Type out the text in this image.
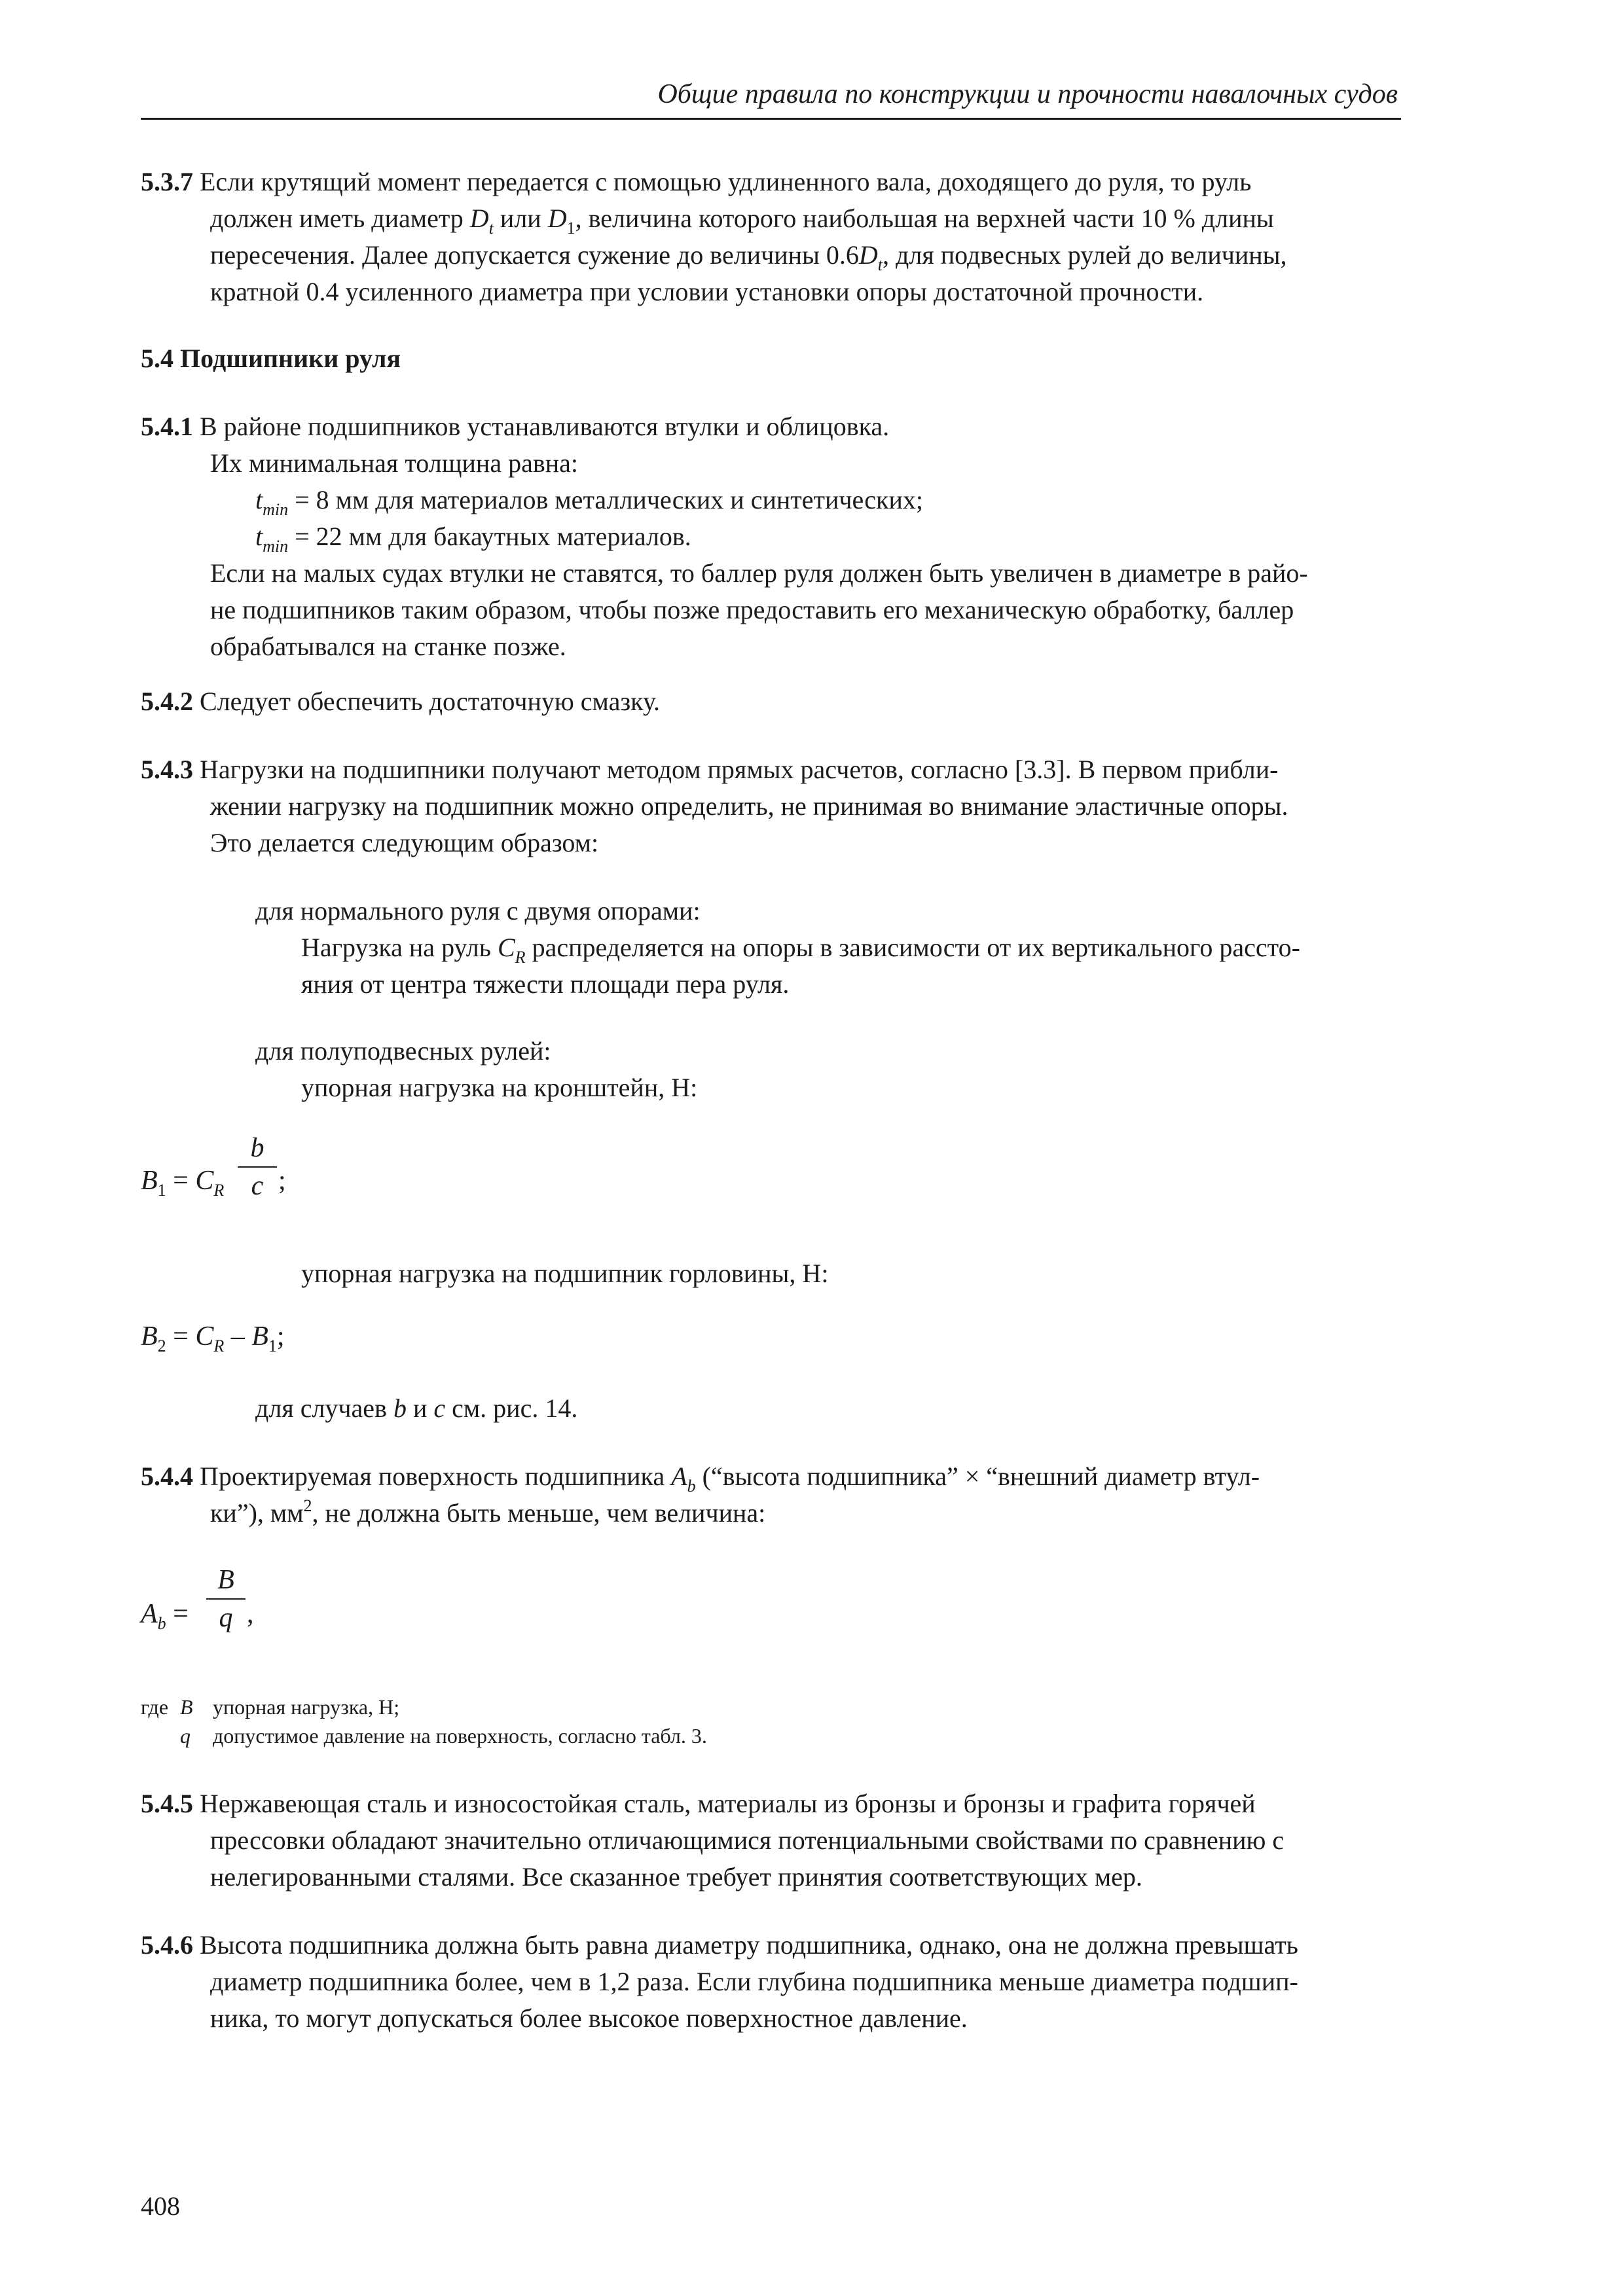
Общие правила по конструкции и прочности навалочных судов

5.3.7 Если крутящий момент передается с помощью удлиненного вала, доходящего до руля, то руль

должен иметь диаметр $D_t$ или $D_1$, величина которого наибольшая на верхней части 10 % длины

пересечения. Далее допускается сужение до величины $0.6D_t$, для подвесных рулей до величины,

кратной 0.4 усиленного диаметра при условии установки опоры достаточной прочности.

5.4 Подшипники руля

5.4.1 В районе подшипников устанавливаются втулки и облицовка.

Их минимальная толщина равна:

$t_{min} = 8$ мм для материалов металлических и синтетических;

$t_{min} = 22$ мм для бакаутных материалов.

Если на малых судах втулки не ставятся, то баллер руля должен быть увеличен в диаметре в райо-

не подшипников таким образом, чтобы позже предоставить его механическую обработку, баллер

обрабатывался на станке позже.

5.4.2 Следует обеспечить достаточную смазку.

5.4.3 Нагрузки на подшипники получают методом прямых расчетов, согласно [3.3]. В первом прибли-

жении нагрузку на подшипник можно определить, не принимая во внимание эластичные опоры.

Это делается следующим образом:

для нормального руля с двумя опорами:

Нагрузка на руль $C_R$ распределяется на опоры в зависимости от их вертикального рассто-

яния от центра тяжести площади пера руля.

для полуподвесных рулей:

упорная нагрузка на кронштейн, Н:

$B_1 = C_R$
b
c ;

упорная нагрузка на подшипник горловины, Н:

$B_2 = C_R - B_1$;

для случаев b и c см. рис. 14.

5.4.4 Проектируемая поверхность подшипника $A_b$ (“высота подшипника” × “внешний диаметр втул-

ки”), $мм^2$, не должна быть меньше, чем величина:

$A_b$ =
B
q ,
где B упорная нагрузка, Н;
q допустимое давление на поверхность, согласно табл. 3.

5.4.5 Нержавеющая сталь и износостойкая сталь, материалы из бронзы и бронзы и графита горячей

прессовки обладают значительно отличающимися потенциальными свойствами по сравнению с

нелегированными сталями. Все сказанное требует принятия соответствующих мер.

5.4.6 Высота подшипника должна быть равна диаметру подшипника, однако, она не должна превышать

диаметр подшипника более, чем в 1,2 раза. Если глубина подшипника меньше диаметра подшип-

ника, то могут допускаться более высокое поверхностное давление.

408
